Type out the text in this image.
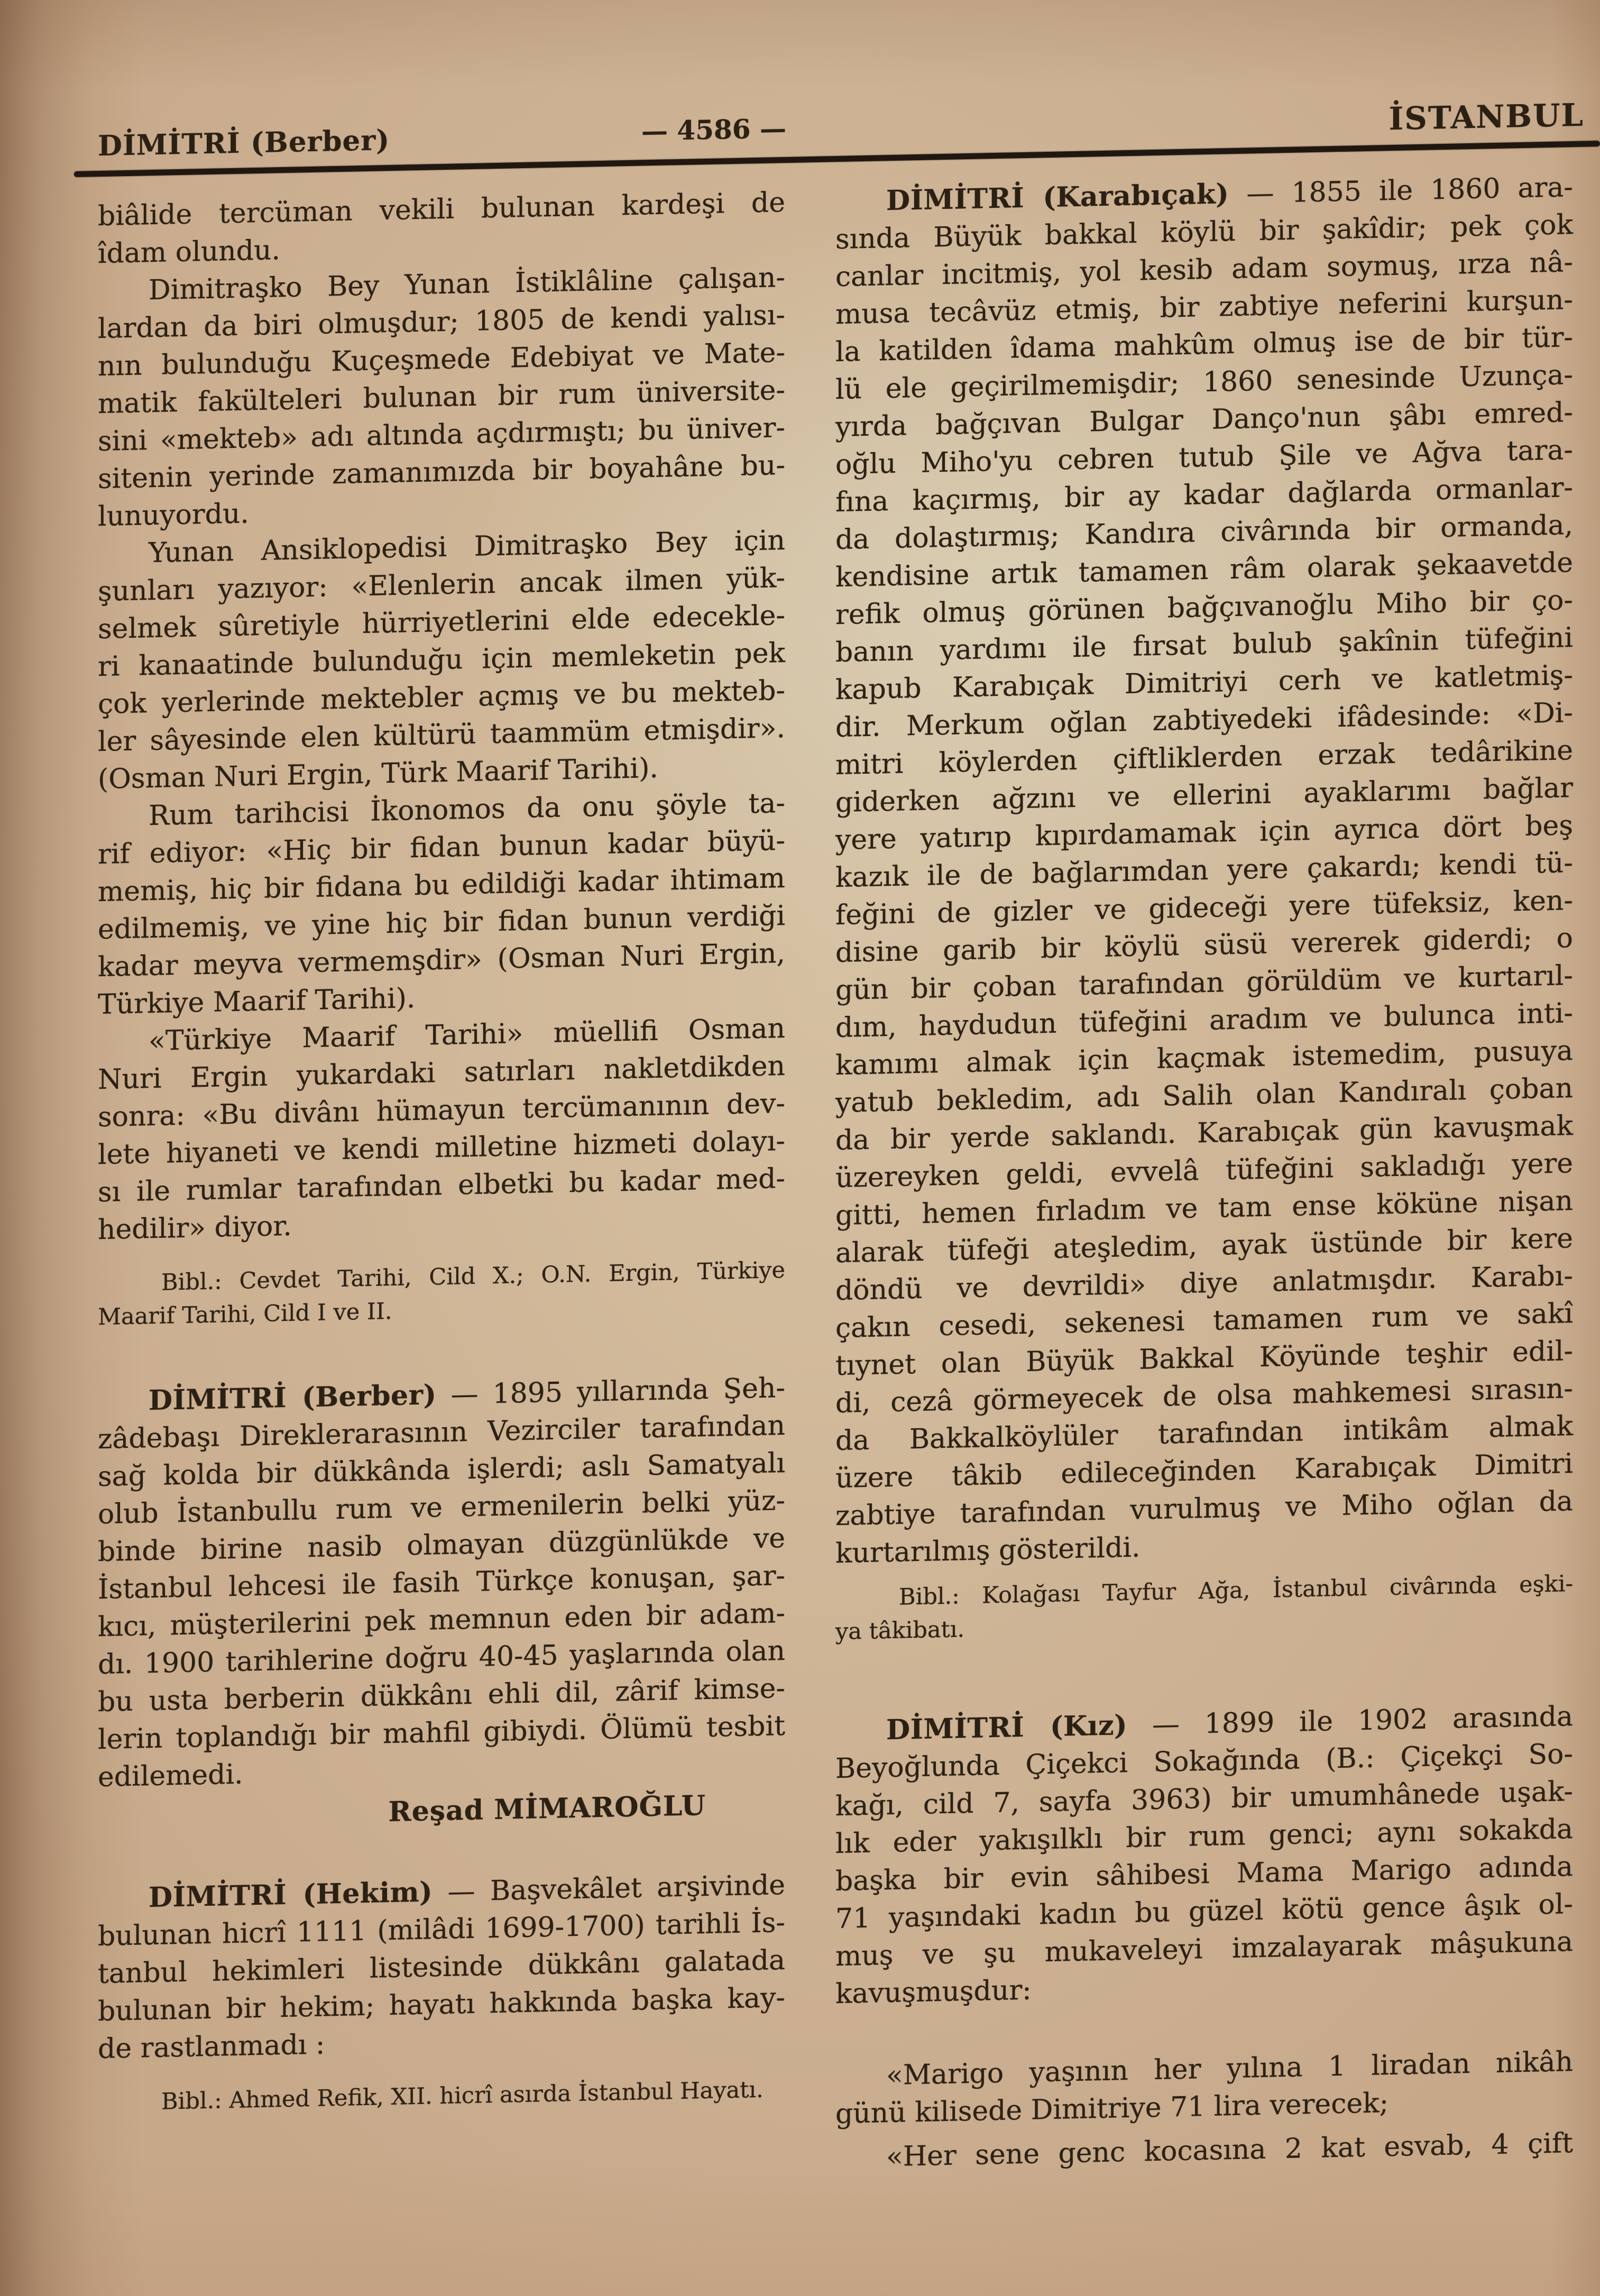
DİMİTRİ (Berber)	— 4586 —	İSTANBUL
biâlide tercüman vekili bulunan kardeşi de
îdam olundu.
Dimitraşko Bey Yunan İstiklâline çalışan-
lardan da biri olmuşdur; 1805 de kendi yalısı-
nın bulunduğu Kuçeşmede Edebiyat ve Mate-
matik fakülteleri bulunan bir rum üniversite-
sini «mekteb» adı altında açdırmıştı; bu üniver-
sitenin yerinde zamanımızda bir boyahâne bu-
lunuyordu.
Yunan Ansiklopedisi Dimitraşko Bey için
şunları yazıyor: «Elenlerin ancak ilmen yük-
selmek sûretiyle hürriyetlerini elde edecekle-
ri kanaatinde bulunduğu için memleketin pek
çok yerlerinde mektebler açmış ve bu mekteb-
ler sâyesinde elen kültürü taammüm etmişdir».
(Osman Nuri Ergin, Türk Maarif Tarihi).
Rum tarihcisi İkonomos da onu şöyle ta-
rif ediyor: «Hiç bir fidan bunun kadar büyü-
memiş, hiç bir fidana bu edildiği kadar ihtimam
edilmemiş, ve yine hiç bir fidan bunun verdiği
kadar meyva vermemşdir» (Osman Nuri Ergin,
Türkiye Maarif Tarihi).
«Türkiye Maarif Tarihi» müellifi Osman
Nuri Ergin yukardaki satırları nakletdikden
sonra: «Bu divânı hümayun tercümanının dev-
lete hiyaneti ve kendi milletine hizmeti dolayı-
sı ile rumlar tarafından elbetki bu kadar med-
hedilir» diyor.
Bibl.: Cevdet Tarihi, Cild X.; O.N. Ergin, Türkiye
Maarif Tarihi, Cild I ve II.
DİMİTRİ (Berber) — 1895 yıllarında Şeh-
zâdebaşı Direklerarasının Vezirciler tarafından
sağ kolda bir dükkânda işlerdi; aslı Samatyalı
olub İstanbullu rum ve ermenilerin belki yüz-
binde birine nasib olmayan düzgünlükde ve
İstanbul lehcesi ile fasih Türkçe konuşan, şar-
kıcı, müşterilerini pek memnun eden bir adam-
dı. 1900 tarihlerine doğru 40-45 yaşlarında olan
bu usta berberin dükkânı ehli dil, zârif kimse-
lerin toplandığı bir mahfil gibiydi. Ölümü tesbit
edilemedi.
Reşad MİMAROĞLU
DİMİTRİ (Hekim) — Başvekâlet arşivinde
bulunan hicrî 1111 (milâdi 1699-1700) tarihli İs-
tanbul hekimleri listesinde dükkânı galatada
bulunan bir hekim; hayatı hakkında başka kay-
de rastlanmadı :
Bibl.: Ahmed Refik, XII. hicrî asırda İstanbul Hayatı.
DİMİTRİ (Karabıçak) — 1855 ile 1860 ara-
sında Büyük bakkal köylü bir şakîdir; pek çok
canlar incitmiş, yol kesib adam soymuş, ırza nâ-
musa tecâvüz etmiş, bir zabtiye neferini kurşun-
la katilden îdama mahkûm olmuş ise de bir tür-
lü ele geçirilmemişdir; 1860 senesinde Uzunça-
yırda bağçıvan Bulgar Danço'nun şâbı emred-
oğlu Miho'yu cebren tutub Şile ve Ağva tara-
fına kaçırmış, bir ay kadar dağlarda ormanlar-
da dolaştırmış; Kandıra civârında bir ormanda,
kendisine artık tamamen râm olarak şekaavetde
refik olmuş görünen bağçıvanoğlu Miho bir ço-
banın yardımı ile fırsat bulub şakînin tüfeğini
kapub Karabıçak Dimitriyi cerh ve katletmiş-
dir. Merkum oğlan zabtiyedeki ifâdesinde: «Di-
mitri köylerden çiftliklerden erzak tedârikine
giderken ağzını ve ellerini ayaklarımı bağlar
yere yatırıp kıpırdamamak için ayrıca dört beş
kazık ile de bağlarımdan yere çakardı; kendi tü-
feğini de gizler ve gideceği yere tüfeksiz, ken-
disine garib bir köylü süsü vererek giderdi; o
gün bir çoban tarafından görüldüm ve kurtarıl-
dım, haydudun tüfeğini aradım ve bulunca inti-
kamımı almak için kaçmak istemedim, pusuya
yatub bekledim, adı Salih olan Kandıralı çoban
da bir yerde saklandı. Karabıçak gün kavuşmak
üzereyken geldi, evvelâ tüfeğini sakladığı yere
gitti, hemen fırladım ve tam ense köküne nişan
alarak tüfeği ateşledim, ayak üstünde bir kere
döndü ve devrildi» diye anlatmışdır. Karabı-
çakın cesedi, sekenesi tamamen rum ve sakî
tıynet olan Büyük Bakkal Köyünde teşhir edil-
di, cezâ görmeyecek de olsa mahkemesi sırasın-
da Bakkalköylüler tarafından intikâm almak
üzere tâkib edileceğinden Karabıçak Dimitri
zabtiye tarafından vurulmuş ve Miho oğlan da
kurtarılmış gösterildi.
Bibl.: Kolağası Tayfur Ağa, İstanbul civârında eşki-
ya tâkibatı.
DİMİTRİ (Kız) — 1899 ile 1902 arasında
Beyoğlunda Çiçekci Sokağında (B.: Çiçekçi So-
kağı, cild 7, sayfa 3963) bir umumhânede uşak-
lık eder yakışılklı bir rum genci; aynı sokakda
başka bir evin sâhibesi Mama Marigo adında
71 yaşındaki kadın bu güzel kötü gence âşık ol-
muş ve şu mukaveleyi imzalayarak mâşukuna
kavuşmuşdur:
«Marigo yaşının her yılına 1 liradan nikâh
günü kilisede Dimitriye 71 lira verecek;
«Her sene genc kocasına 2 kat esvab, 4 çift
